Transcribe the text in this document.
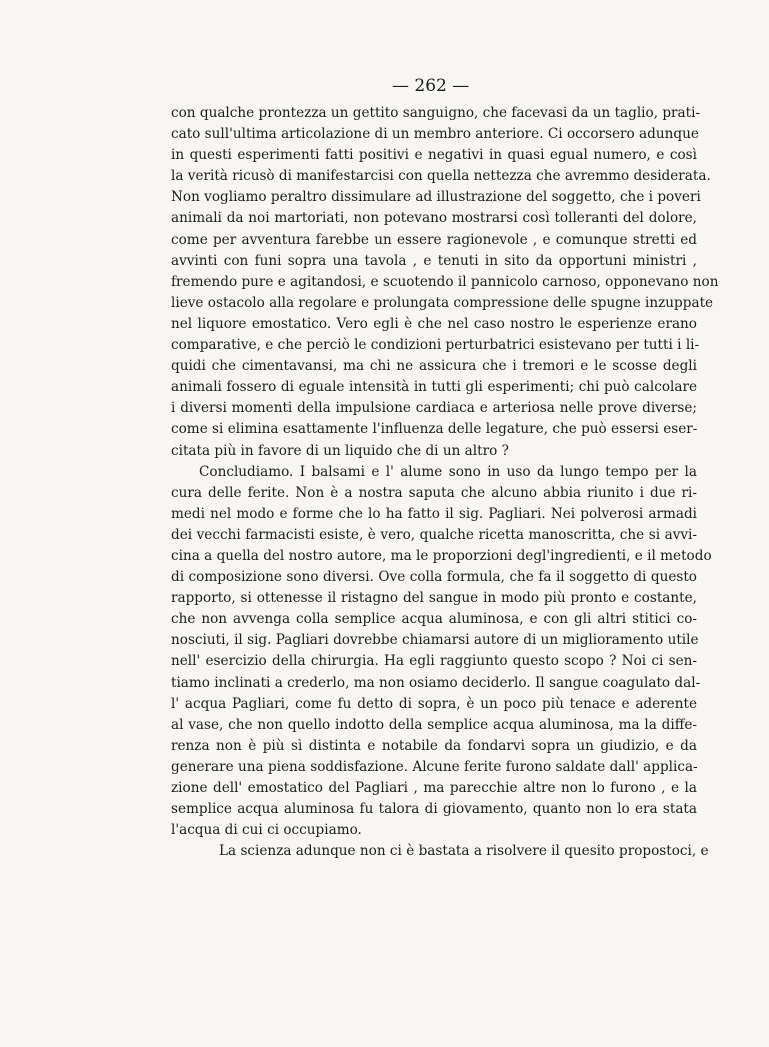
— 262 —
con qualche prontezza un gettito sanguigno, che facevasi da un taglio, prati-
cato sull'ultima articolazione di un membro anteriore. Ci occorsero adunque
in questi esperimenti fatti positivi e negativi in quasi egual numero, e così
la verità ricusò di manifestarcisi con quella nettezza che avremmo desiderata.
Non vogliamo peraltro dissimulare ad illustrazione del soggetto, che i poveri
animali da noi martoriati, non potevano mostrarsi così tolleranti del dolore,
come per avventura farebbe un essere ragionevole , e comunque stretti ed
avvinti con funi sopra una tavola , e tenuti in sito da opportuni ministri ,
fremendo pure e agitandosi, e scuotendo il pannicolo carnoso, opponevano non
lieve ostacolo alla regolare e prolungata compressione delle spugne inzuppate
nel liquore emostatico. Vero egli è che nel caso nostro le esperienze erano
comparative, e che perciò le condizioni perturbatrici esistevano per tutti i li-
quidi che cimentavansi, ma chi ne assicura che i tremori e le scosse degli
animali fossero di eguale intensità in tutti gli esperimenti; chi può calcolare
i diversi momenti della impulsione cardiaca e arteriosa nelle prove diverse;
come si elimina esattamente l'influenza delle legature, che può essersi eser-
citata più in favore di un liquido che di un altro ?
Concludiamo. I balsami e l' alume sono in uso da lungo tempo per la
cura delle ferite. Non è a nostra saputa che alcuno abbia riunito i due ri-
medi nel modo e forme che lo ha fatto il sig. Pagliari. Nei polverosi armadi
dei vecchi farmacisti esiste, è vero, qualche ricetta manoscritta, che si avvi-
cina a quella del nostro autore, ma le proporzioni degl'ingredienti, e il metodo
di composizione sono diversi. Ove colla formula, che fa il soggetto di questo
rapporto, si ottenesse il ristagno del sangue in modo più pronto e costante,
che non avvenga colla semplice acqua aluminosa, e con gli altri stitici co-
nosciuti, il sig. Pagliari dovrebbe chiamarsi autore di un miglioramento utile
nell' esercizio della chirurgia. Ha egli raggiunto questo scopo ? Noi ci sen-
tiamo inclinati a crederlo, ma non osiamo deciderlo. Il sangue coagulato dal-
l' acqua Pagliari, come fu detto di sopra, è un poco più tenace e aderente
al vase, che non quello indotto della semplice acqua aluminosa, ma la diffe-
renza non è più sì distinta e notabile da fondarvi sopra un giudizio, e da
generare una piena soddisfazione. Alcune ferite furono saldate dall' applica-
zione dell' emostatico del Pagliari , ma parecchie altre non lo furono , e la
semplice acqua aluminosa fu talora di giovamento, quanto non lo era stata
l'acqua di cui ci occupiamo.
La scienza adunque non ci è bastata a risolvere il quesito propostoci, e
